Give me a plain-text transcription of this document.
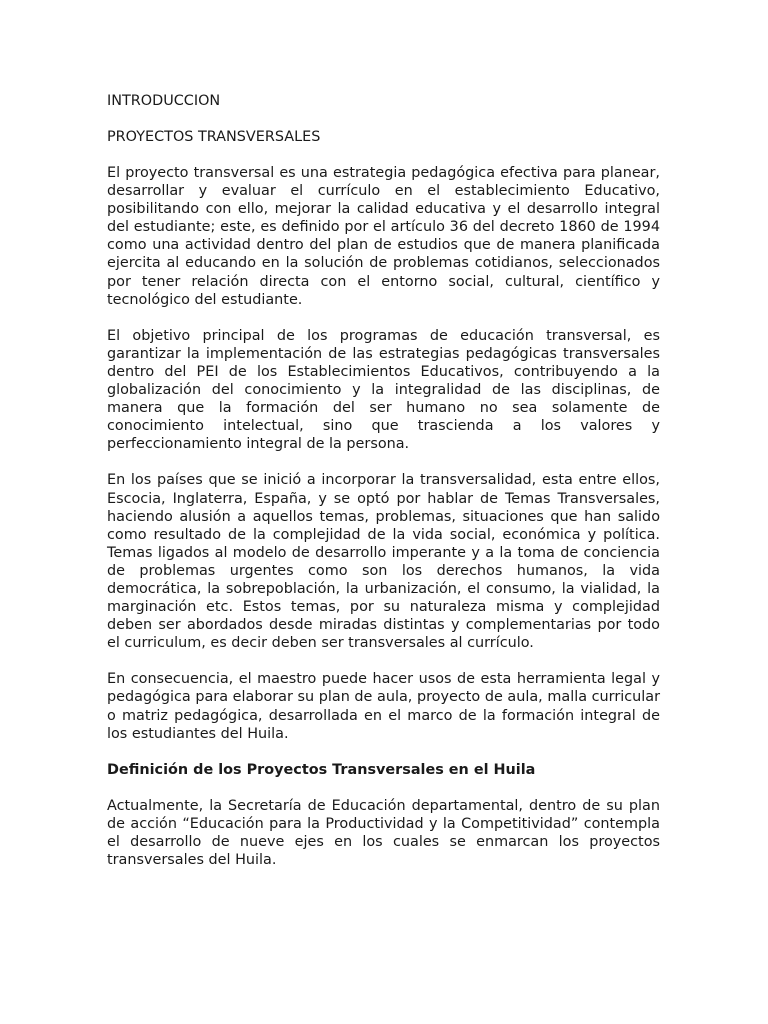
INTRODUCCION
PROYECTOS TRANSVERSALES

El proyecto transversal es una estrategia pedagógica efectiva para planear, desarrollar y evaluar el currículo en el establecimiento Educativo, posibilitando con ello, mejorar la calidad educativa y el desarrollo integral del estudiante; este, es definido por el artículo 36 del decreto 1860 de 1994 como una actividad dentro del plan de estudios que de manera planificada ejercita al educando en la solución de problemas cotidianos, seleccionados por tener relación directa con el entorno social, cultural, científico y tecnológico del estudiante.

El objetivo principal de los programas de educación transversal, es garantizar la implementación de las estrategias pedagógicas transversales dentro del PEI de los Establecimientos Educativos, contribuyendo a la globalización del conocimiento y la integralidad de las disciplinas, de manera que la formación del ser humano no sea solamente de conocimiento intelectual, sino que trascienda a los valores y perfeccionamiento integral de la persona.

En los países que se inició a incorporar la transversalidad, esta entre ellos, Escocia, Inglaterra, España, y se optó por hablar de Temas Transversales, haciendo alusión a aquellos temas, problemas, situaciones que han salido como resultado de la complejidad de la vida social, económica y política. Temas ligados al modelo de desarrollo imperante y a la toma de conciencia de problemas urgentes como son los derechos humanos, la vida democrática, la sobrepoblación, la urbanización, el consumo, la vialidad, la marginación etc. Estos temas, por su naturaleza misma y complejidad deben ser abordados desde miradas distintas y complementarias por todo el curriculum, es decir deben ser transversales al currículo.

En consecuencia, el maestro puede hacer usos de esta herramienta legal y pedagógica para elaborar su plan de aula, proyecto de aula, malla curricular o matriz pedagógica, desarrollada en el marco de la formación integral de los estudiantes del Huila.

Definición de los Proyectos Transversales en el Huila

Actualmente, la Secretaría de Educación departamental, dentro de su plan de acción “Educación para la Productividad y la Competitividad” contempla el desarrollo de nueve ejes en los cuales se enmarcan los proyectos transversales del Huila.
